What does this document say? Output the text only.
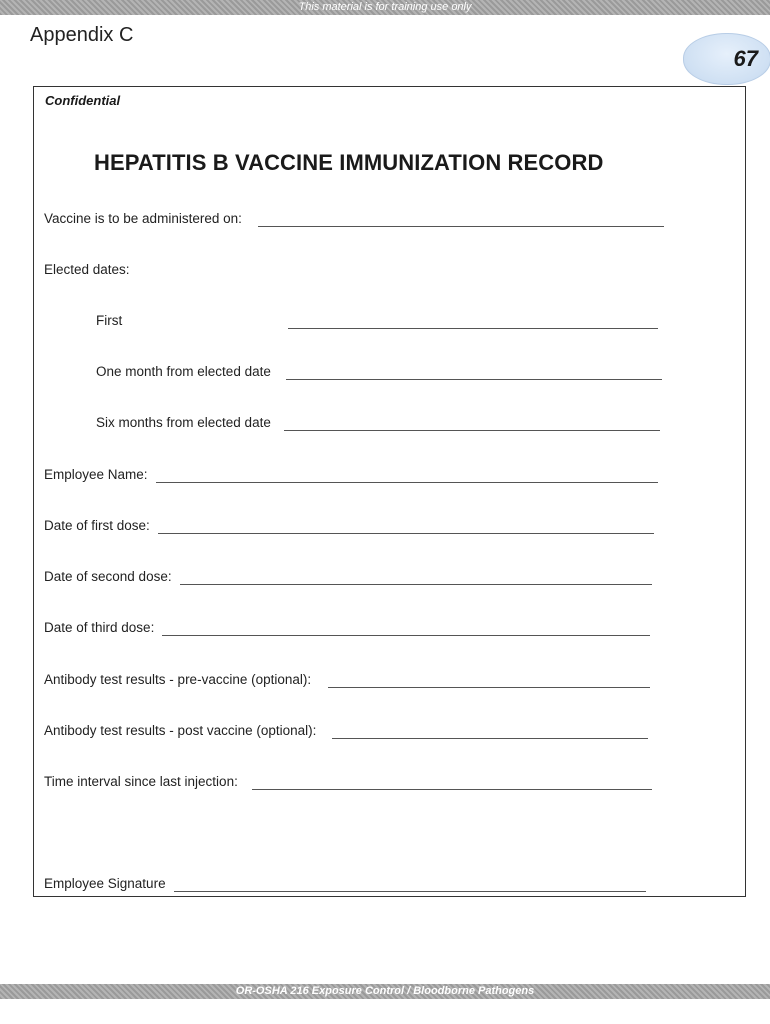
This material is for training use only
Appendix C
67
Confidential
HEPATITIS B VACCINE IMMUNIZATION RECORD
Vaccine is to be administered on:
Elected dates:
First
One month from elected date
Six months from elected date
Employee Name:
Date of first dose:
Date of second dose:
Date of third dose:
Antibody test results - pre-vaccine (optional):
Antibody test results - post vaccine (optional):
Time interval since last injection:
Employee Signature
OR-OSHA 216 Exposure Control / Bloodborne Pathogens
